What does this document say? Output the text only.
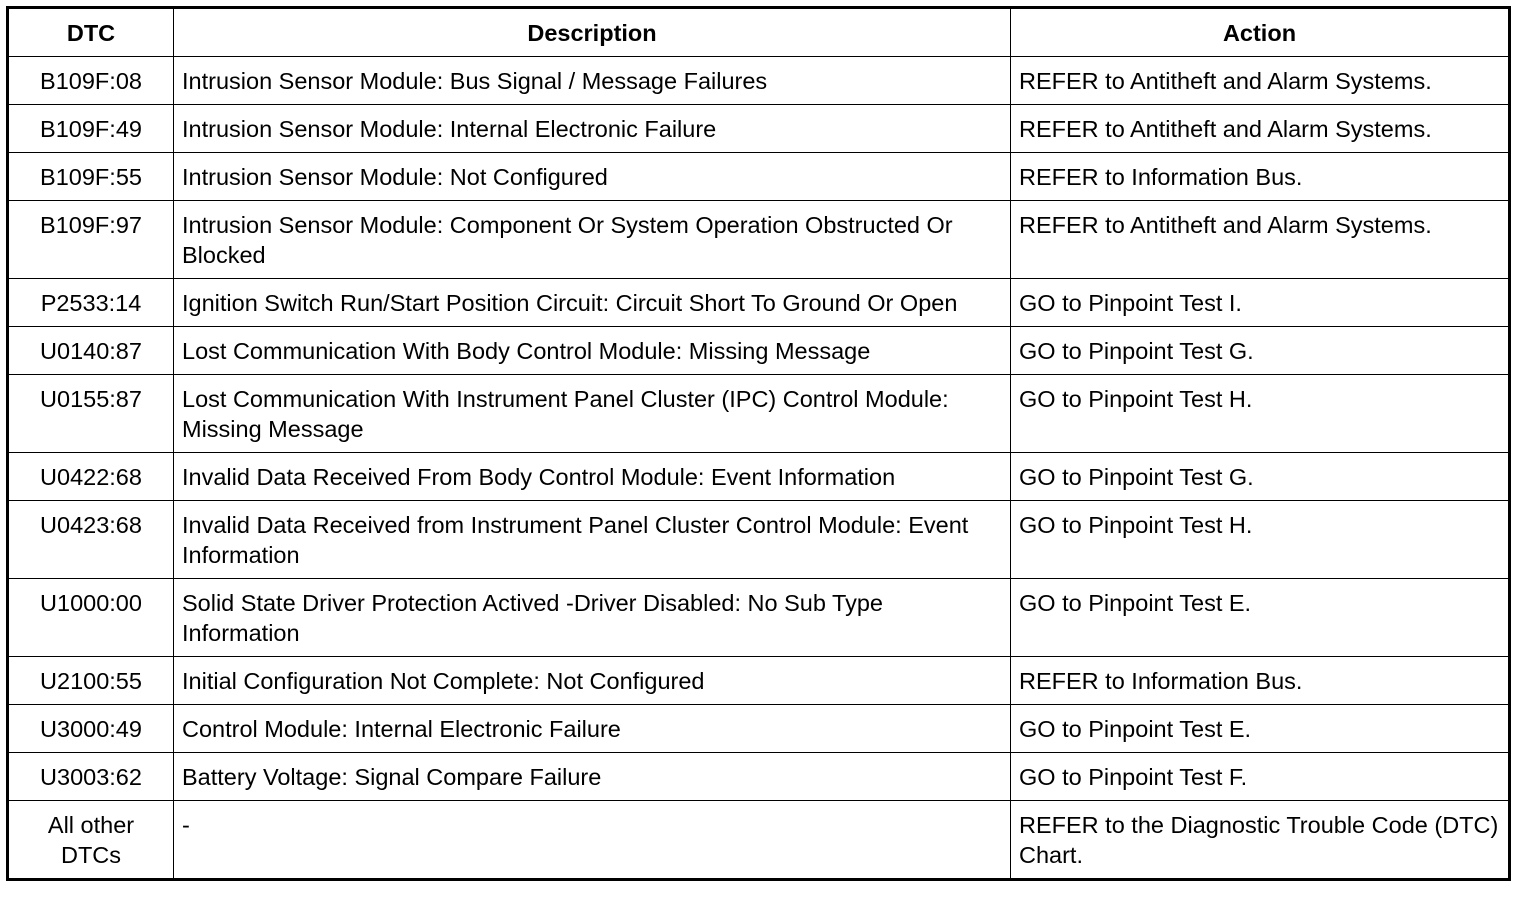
DTC	Description	Action
B109F:08	Intrusion Sensor Module: Bus Signal / Message Failures	REFER to Antitheft and Alarm Systems.
B109F:49	Intrusion Sensor Module: Internal Electronic Failure	REFER to Antitheft and Alarm Systems.
B109F:55	Intrusion Sensor Module: Not Configured	REFER to Information Bus.
B109F:97	Intrusion Sensor Module: Component Or System Operation Obstructed Or Blocked	REFER to Antitheft and Alarm Systems.
P2533:14	Ignition Switch Run/Start Position Circuit: Circuit Short To Ground Or Open	GO to Pinpoint Test I.
U0140:87	Lost Communication With Body Control Module: Missing Message	GO to Pinpoint Test G.
U0155:87	Lost Communication With Instrument Panel Cluster (IPC) Control Module: Missing Message	GO to Pinpoint Test H.
U0422:68	Invalid Data Received From Body Control Module: Event Information	GO to Pinpoint Test G.
U0423:68	Invalid Data Received from Instrument Panel Cluster Control Module: Event Information	GO to Pinpoint Test H.
U1000:00	Solid State Driver Protection Actived -Driver Disabled: No Sub Type Information	GO to Pinpoint Test E.
U2100:55	Initial Configuration Not Complete: Not Configured	REFER to Information Bus.
U3000:49	Control Module: Internal Electronic Failure	GO to Pinpoint Test E.
U3003:62	Battery Voltage: Signal Compare Failure	GO to Pinpoint Test F.
All other DTCs	-	REFER to the Diagnostic Trouble Code (DTC) Chart.
